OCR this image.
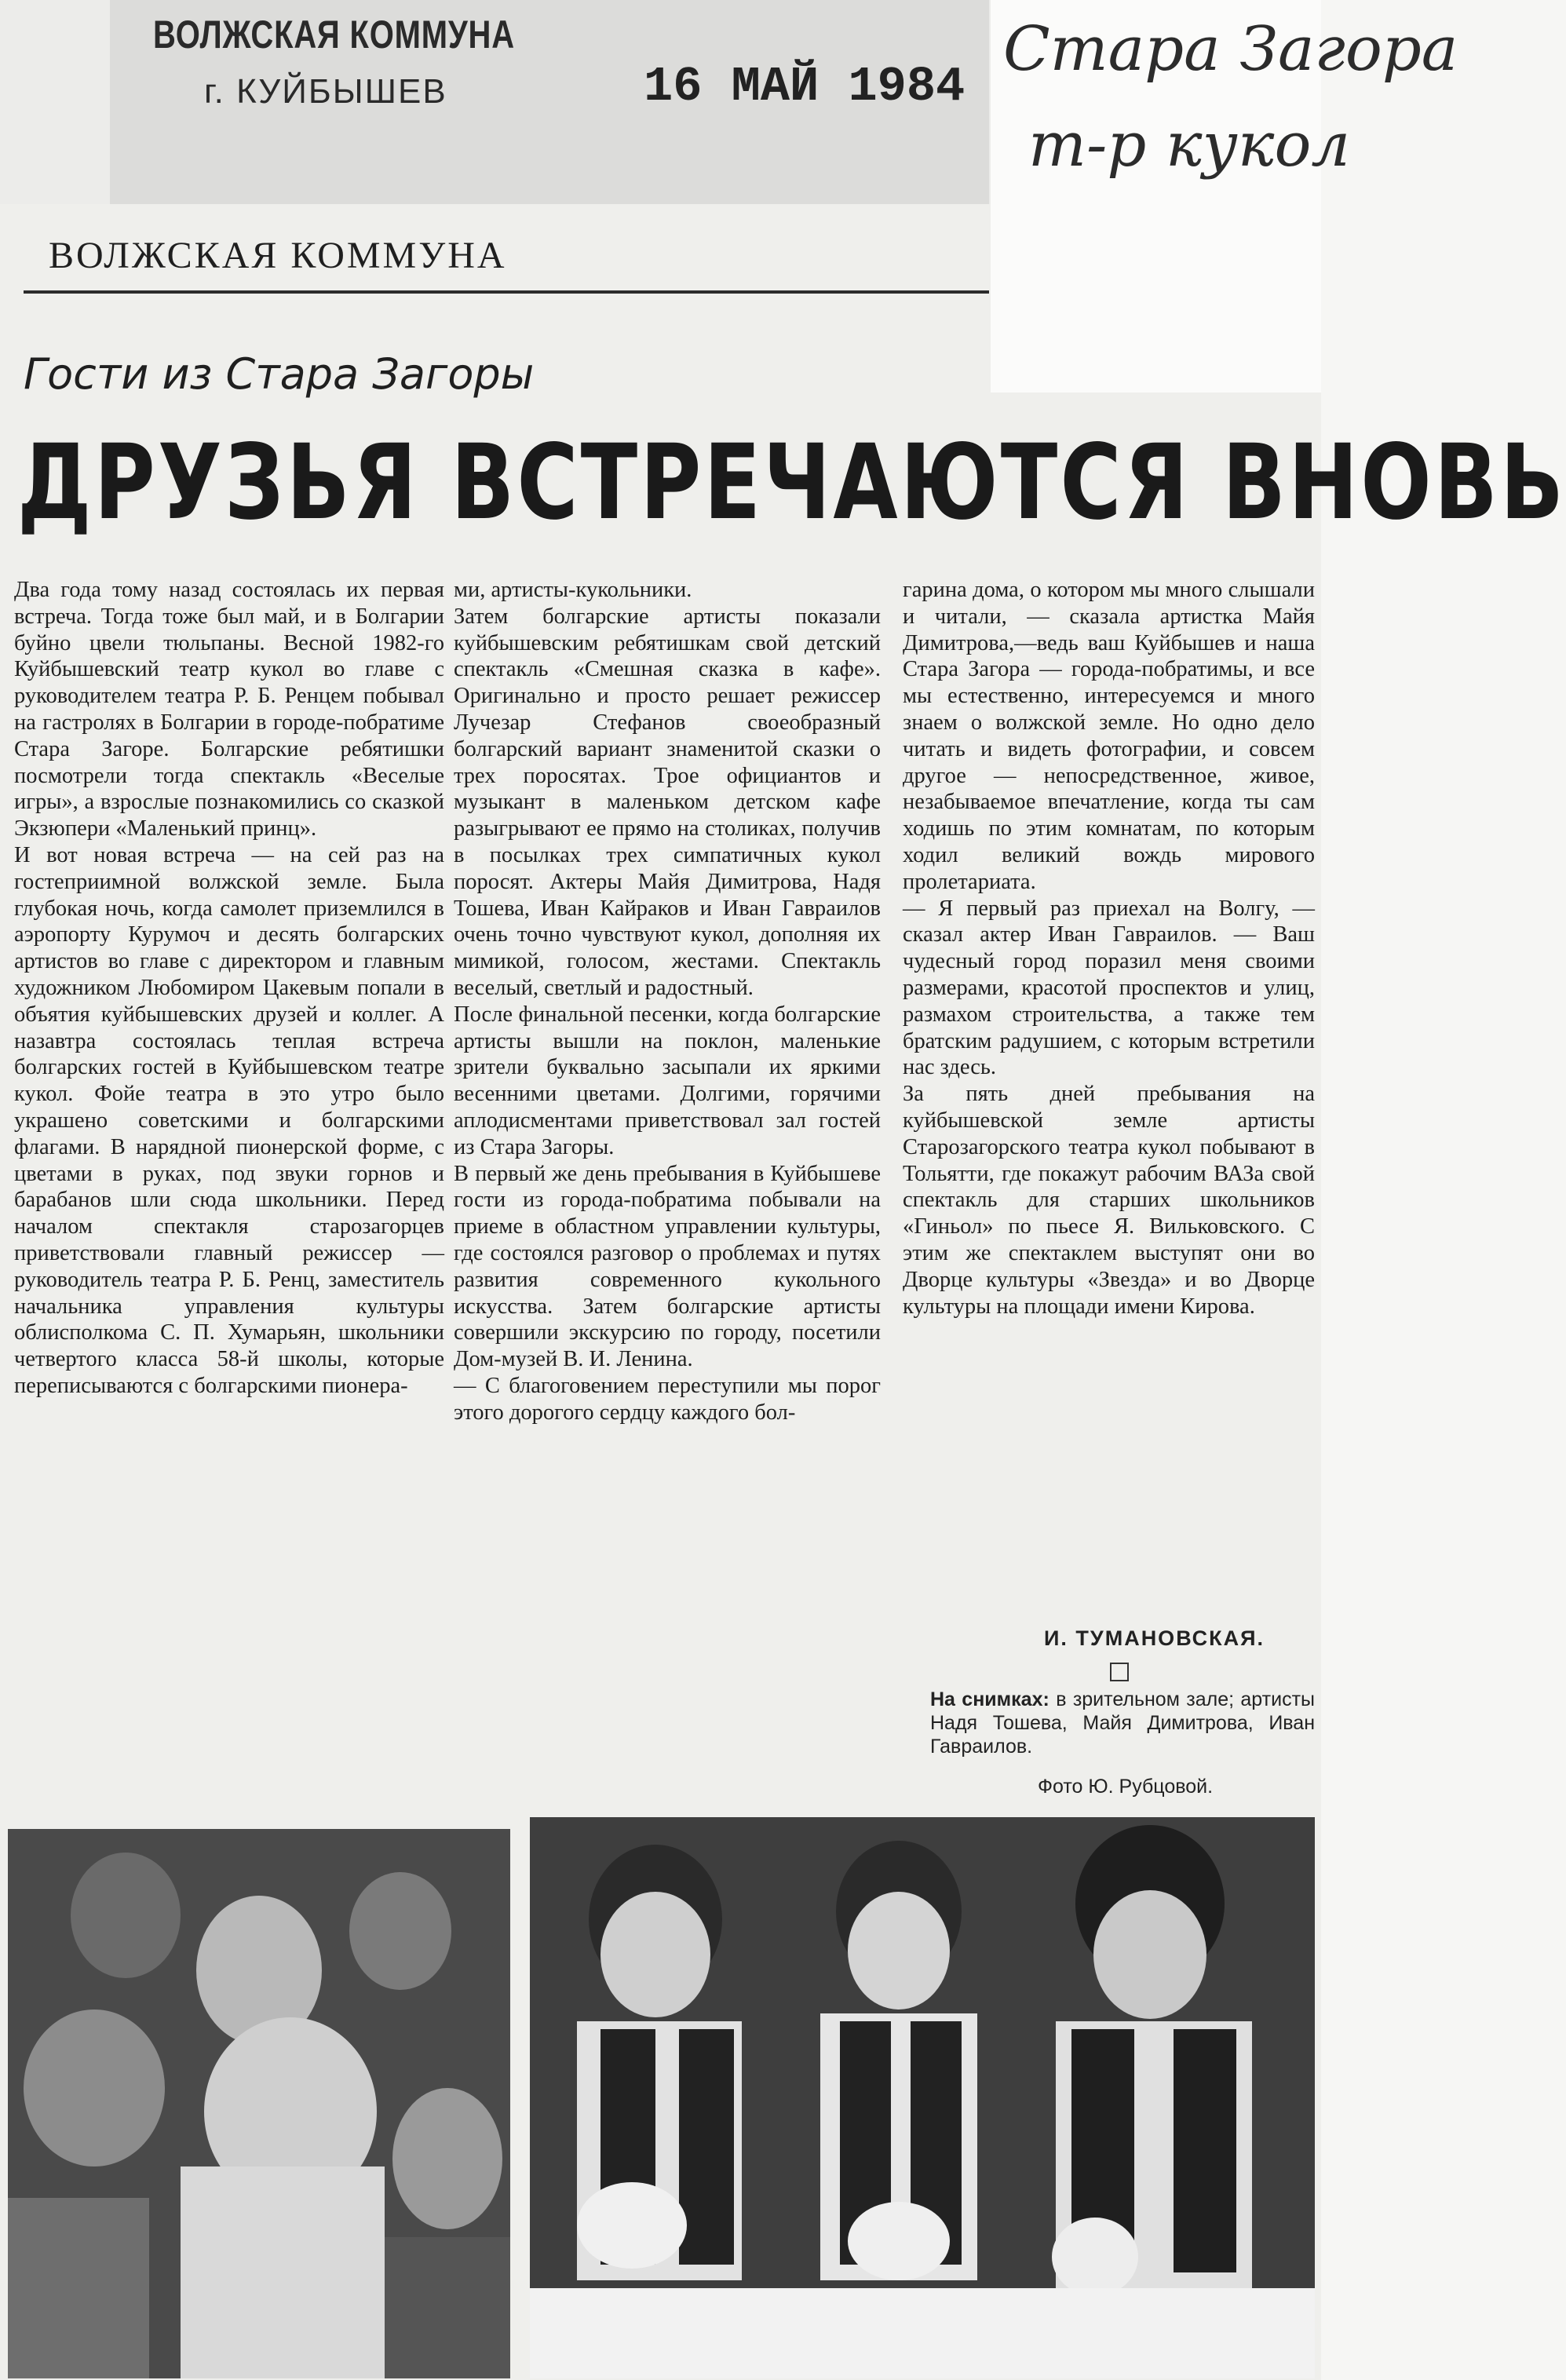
ВОЛЖСКАЯ КОММУНА
г. КУЙБЫШЕВ	16 МАЙ 1984
Стара Загора
т-р кукол
ВОЛЖСКАЯ КОММУНА
Гости из Стара Загоры
ДРУЗЬЯ ВСТРЕЧАЮТСЯ ВНОВЬ

Два года тому назад состоялась их первая встреча. Тогда тоже был май, и в Болгарии буйно цвели тюльпаны. Весной 1982-го Куйбышевский театр кукол во главе с руководителем театра Р. Б. Ренцем побывал на гастролях в Болгарии в городе-побратиме Стара Загоре. Болгарские ребятишки посмотрели тогда спектакль «Веселые игры», а взрослые познакомились со сказкой Экзюпери «Маленький принц».

И вот новая встреча — на сей раз на гостеприимной волжской земле. Была глубокая ночь, когда самолет приземлился в аэропорту Курумоч и десять болгарских артистов во главе с директором и главным художником Любомиром Цакевым попали в объятия куйбышевских друзей и коллег. А назавтра состоялась теплая встреча болгарских гостей в Куйбышевском театре кукол. Фойе театра в это утро было украшено советскими и болгарскими флагами. В нарядной пионерской форме, с цветами в руках, под звуки горнов и барабанов шли сюда школьники. Перед началом спектакля старозагорцев приветствовали главный режиссер — руководитель театра Р. Б. Ренц, заместитель начальника управления культуры облисполкома С. П. Хумарьян, школьники четвертого класса 58-й школы, которые переписываются с болгарскими пионера-

ми, артисты-кукольники.

Затем болгарские артисты показали куйбышевским ребятишкам свой детский спектакль «Смешная сказка в кафе». Оригинально и просто решает режиссер Лучезар Стефанов своеобразный болгарский вариант знаменитой сказки о трех поросятах. Трое официантов и музыкант в маленьком детском кафе разыгрывают ее прямо на столиках, получив в посылках трех симпатичных кукол поросят. Актеры Майя Димитрова, Надя Тошева, Иван Кайраков и Иван Гавраилов очень точно чувствуют кукол, дополняя их мимикой, голосом, жестами. Спектакль веселый, светлый и радостный.

После финальной песенки, когда болгарские артисты вышли на поклон, маленькие зрители буквально засыпали их яркими весенними цветами. Долгими, горячими аплодисментами приветствовал зал гостей из Стара Загоры.

В первый же день пребывания в Куйбышеве гости из города-побратима побывали на приеме в областном управлении культуры, где состоялся разговор о проблемах и путях развития современного кукольного искусства. Затем болгарские артисты совершили экскурсию по городу, посетили Дом-музей В. И. Ленина.

— С благоговением переступили мы порог этого дорогого сердцу каждого бол-

гарина дома, о котором мы много слышали и читали, — сказала артистка Майя Димитрова,—ведь ваш Куйбышев и наша Стара Загора — города-побратимы, и все мы естественно, интересуемся и много знаем о волжской земле. Но одно дело читать и видеть фотографии, и совсем другое — непосредственное, живое, незабываемое впечатление, когда ты сам ходишь по этим комнатам, по которым ходил великий вождь мирового пролетариата.

— Я первый раз приехал на Волгу, — сказал актер Иван Гавраилов. — Ваш чудесный город поразил меня своими размерами, красотой проспектов и улиц, размахом строительства, а также тем братским радушием, с которым встретили нас здесь.

За пять дней пребывания на куйбышевской земле артисты Старозагорского театра кукол побывают в Тольятти, где покажут рабочим ВАЗа свой спектакль для старших школьников «Гиньол» по пьесе Я. Вильковского. С этим же спектаклем выступят они во Дворце культуры «Звезда» и во Дворце культуры на площади имени Кирова.

И. ТУМАНОВСКАЯ.
На снимках: в зрительном зале; артисты Надя Тошева, Майя Димитрова, Иван Гавраилов.
Фото Ю. Рубцовой.
